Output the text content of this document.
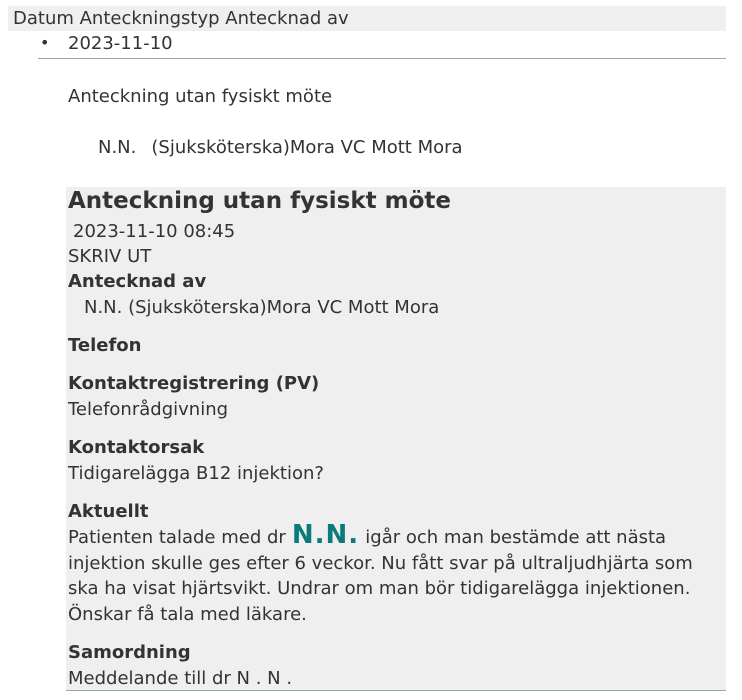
Datum Anteckningstyp Antecknad av
• 2023-11-10
Anteckning utan fysiskt möte
N.N. (Sjuksköterska)Mora VC Mott Mora
Anteckning utan fysiskt möte
2023-11-10 08:45
SKRIV UT
Antecknad av
N.N. (Sjuksköterska)Mora VC Mott Mora
Telefon
Kontaktregistrering (PV)
Telefonrådgivning
Kontaktorsak
Tidigarelägga B12 injektion?
Aktuellt
Patienten talade med dr N.N. igår och man bestämde att nästa injektion skulle ges efter 6 veckor. Nu fått svar på ultraljudhjärta som ska ha visat hjärtsvikt. Undrar om man bör tidigarelägga injektionen. Önskar få tala med läkare.
Samordning
Meddelande till dr N . N .
